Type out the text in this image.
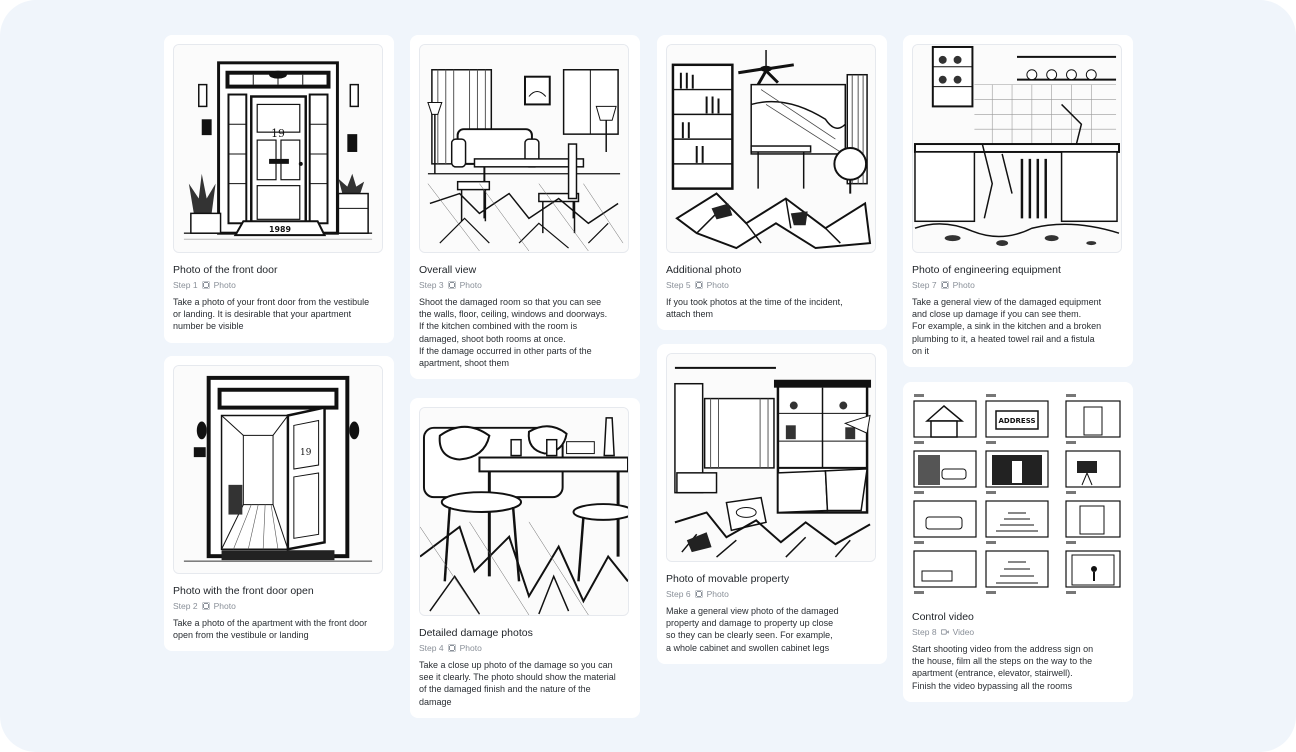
19
1989
Photo of the front door
Step 1 Photo
Take a photo of your front door from the vestibule
or landing. It is desirable that your apartment
number be visible
19
Photo with the front door open
Step 2 Photo
Take a photo of the apartment with the front door
open from the vestibule or landing
Overall view
Step 3 Photo
Shoot the damaged room so that you can see
the walls, floor, ceiling, windows and doorways.
If the kitchen combined with the room is
damaged, shoot both rooms at once.
If the damage occurred in other parts of the
apartment, shoot them
Detailed damage photos
Step 4 Photo
Take a close up photo of the damage so you can
see it clearly. The photo should show the material
of the damaged finish and the nature of the
damage
Additional photo
Step 5 Photo
If you took photos at the time of the incident,
attach them
Photo of movable property
Step 6 Photo
Make a general view photo of the damaged
property and damage to property up close
so they can be clearly seen. For example,
a whole cabinet and swollen cabinet legs
Photo of engineering equipment
Step 7 Photo
Take a general view of the damaged equipment
and close up damage if you can see them.
For example, a sink in the kitchen and a broken
plumbing to it, a heated towel rail and a fistula
on it
ADDRESS
Control video
Step 8 Video
Start shooting video from the address sign on
the house, film all the steps on the way to the
apartment (entrance, elevator, stairwell).
Finish the video bypassing all the rooms
